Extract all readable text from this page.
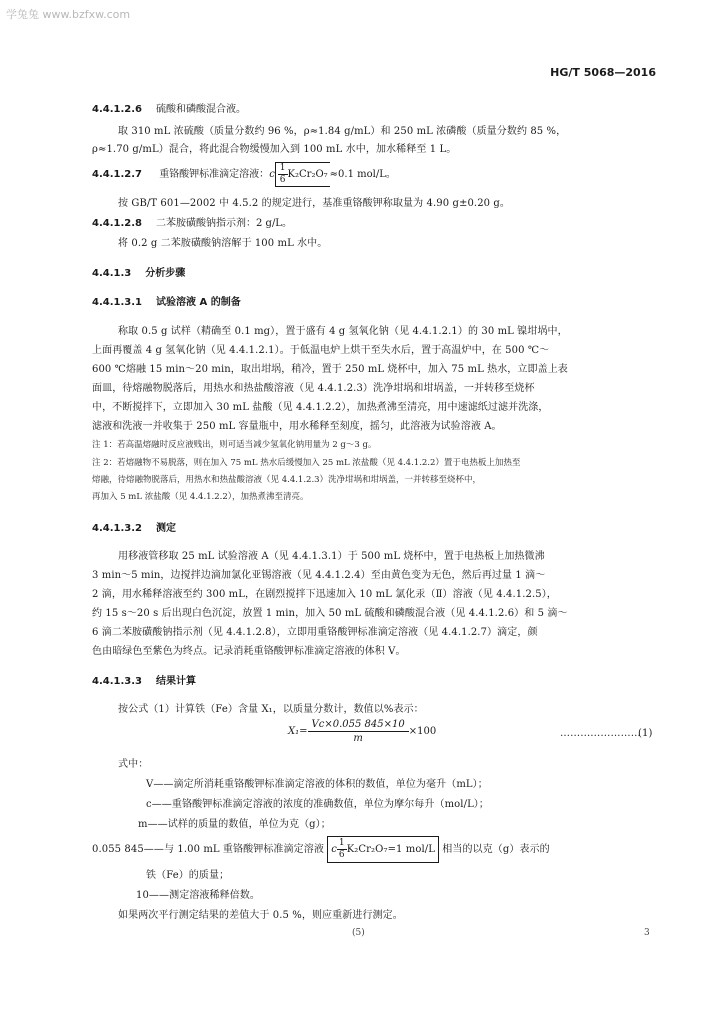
学兔兔 www.bzfxw.com
HG/T 5068—2016
4.4.1.2.6 硫酸和磷酸混合液。
取 310 mL 浓硫酸（质量分数约 96 %，ρ≈1.84 g/mL）和 250 mL 浓磷酸（质量分数约 85 %，
ρ≈1.70 g/mL）混合，将此混合物缓慢加入到 100 mL 水中，加水稀释至 1 L。
4.4.1.2.7 重铬酸钾标准滴定溶液：c $\frac{1}{6} K_2Cr_2O_7 \approx 0.1$ mol/L。
按 GB/T 601—2002 中 4.5.2 的规定进行，基准重铬酸钾称取量为 4.90 g±0.20 g。
4.4.1.2.8 二苯胺磺酸钠指示剂：2 g/L。
将 0.2 g 二苯胺磺酸钠溶解于 100 mL 水中。
4.4.1.3 分析步骤
4.4.1.3.1 试验溶液 A 的制备
称取 0.5 g 试样（精确至 0.1 mg），置于盛有 4 g 氢氧化钠（见 4.4.1.2.1）的 30 mL 镍坩埚中，
上面再覆盖 4 g 氢氧化钠（见 4.4.1.2.1）。于低温电炉上烘干至失水后，置于高温炉中，在 500 ℃～
600 ℃熔融 15 min～20 min，取出坩埚，稍冷，置于 250 mL 烧杯中，加入 75 mL 热水，立即盖上表
面皿，待熔融物脱落后，用热水和热盐酸溶液（见 4.4.1.2.3）洗净坩埚和坩埚盖，一并转移至烧杯
中，不断搅拌下，立即加入 30 mL 盐酸（见 4.4.1.2.2），加热煮沸至清亮，用中速滤纸过滤并洗涤，
滤液和洗液一并收集于 250 mL 容量瓶中，用水稀释至刻度，摇匀，此溶液为试验溶液 A。
注 1：若高温熔融时反应液贱出，则可适当减少氢氧化钠用量为 2 g～3 g。
注 2：若熔融物不易脱落，则在加入 75 mL 热水后缓慢加入 25 mL 浓盐酸（见 4.4.1.2.2）置于电热板上加热至
熔融，待熔融物脱落后，用热水和热盐酸溶液（见 4.4.1.2.3）洗净坩埚和坩埚盖，一并转移至烧杯中，
再加入 5 mL 浓盐酸（见 4.4.1.2.2），加热煮沸至清亮。
4.4.1.3.2 测定
用移液管移取 25 mL 试验溶液 A（见 4.4.1.3.1）于 500 mL 烧杯中，置于电热板上加热微沸
3 min～5 min，边搅拌边滴加氯化亚锡溶液（见 4.4.1.2.4）至由黄色变为无色，然后再过量 1 滴～
2 滴，用水稀释溶液至约 300 mL，在剧烈搅拌下迅速加入 10 mL 氯化汞（Ⅱ）溶液（见 4.4.1.2.5），
约 15 s～20 s 后出现白色沉淀，放置 1 min，加入 50 mL 硫酸和磷酸混合液（见 4.4.1.2.6）和 5 滴～
6 滴二苯胺磺酸钠指示剂（见 4.4.1.2.8），立即用重铬酸钾标准滴定溶液（见 4.4.1.2.7）滴定，颜
色由暗绿色至紫色为终点。记录消耗重铬酸钾标准滴定溶液的体积 V。
4.4.1.3.3 结果计算
按公式（1）计算铁（Fe）含量 X₁，以质量分数计，数值以%表示：
$X_1= \frac{Vc\times 0.055 845\times 10}{m} \times 100$	……………………
(1)
式中：
V——滴定所消耗重铬酸钾标准滴定溶液的体积的数值，单位为毫升（mL）；
c——重铬酸钾标准滴定溶液的浓度的准确数值，单位为摩尔每升（mol/L）；
m——试样的质量的数值，单位为克（g）；
0.055 845——与 1.00 mL 重铬酸钾标准滴定溶液 c $\frac{1}{6} K_2Cr_2O_7=1$ mol/L 相当的以克（g）表示的
铁（Fe）的质量；
10——测定溶液稀释倍数。
如果两次平行测定结果的差值大于 0.5 %，则应重新进行测定。
(5)	3
